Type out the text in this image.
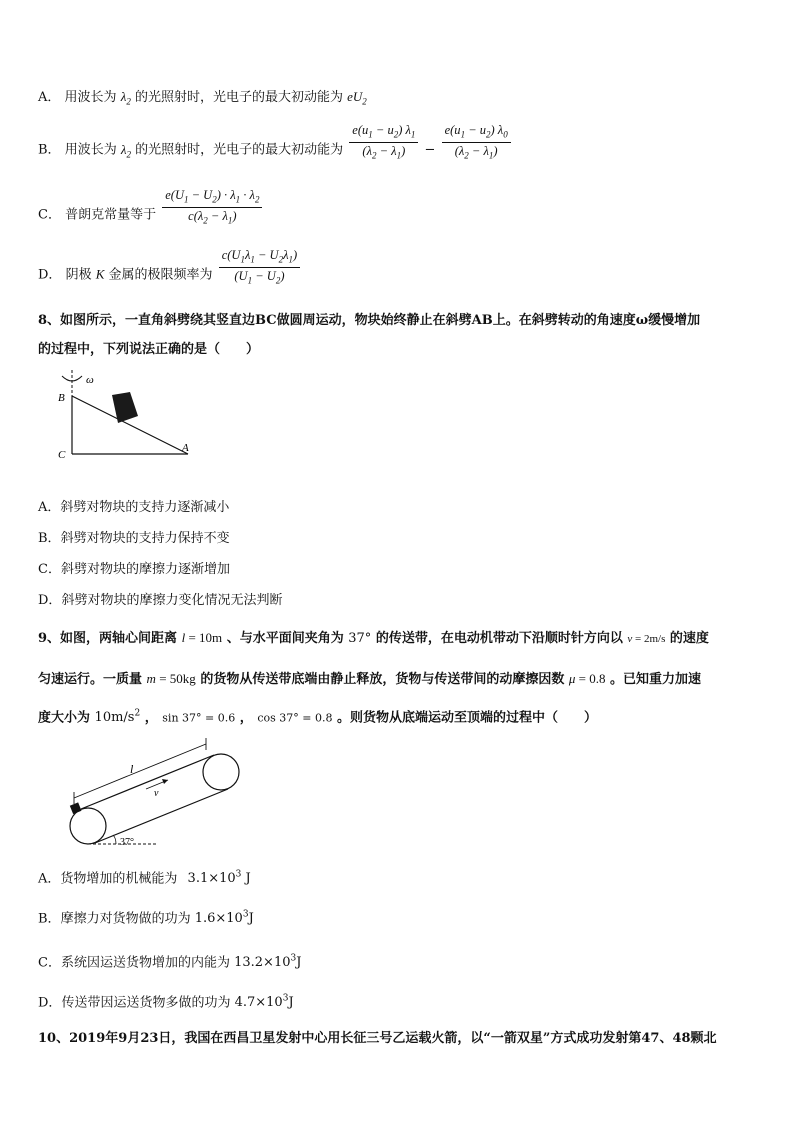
A． 用波长为 $\lambda_2$ 的光照射时，光电子的最大初动能为 $eU_2$
B． 用波长为 $\lambda_2$ 的光照射时，光电子的最大初动能为 $\frac{e(u_1 - u_2) \lambda_1}{(\lambda_2 - \lambda_1)} - \frac{e(u_1 - u_2) \lambda_0}{(\lambda_2 - \lambda_1)}$
C． 普朗克常量等于 $\frac{e(U_1 - U_2) \cdot \lambda_1 \cdot \lambda_2}{c(\lambda_2 - \lambda_1)}$
D． 阴极 K 金属的极限频率为 $\frac{c(U_1\lambda_1 - U_2\lambda_1)}{(U_1 - U_2)}$
8、如图所示，一直角斜劈绕其竖直边BC做圆周运动，物块始终静止在斜劈AB上。在斜劈转动的角速度ω缓慢增加
的过程中，下列说法正确的是（　　）
B
C
A
ω
A．斜劈对物块的支持力逐渐减小
B．斜劈对物块的支持力保持不变
C．斜劈对物块的摩擦力逐渐增加
D．斜劈对物块的摩擦力变化情况无法判断
9、如图，两轴心间距离 l = 10m 、与水平面间夹角为 37° 的传送带，在电动机带动下沿顺时针方向以 v = 2m/s 的速度
匀速运行。一质量 m = 50kg 的货物从传送带底端由静止释放，货物与传送带间的动摩擦因数 μ = 0.8 。已知重力加速
度大小为 $10m/s^2$ ， sin 37° = 0.6 ， cos 37° = 0.8 。则货物从底端运动至顶端的过程中（　　）
l
v
37°
A．货物增加的机械能为 $3.1\times 10^3$ J
B．摩擦力对货物做的功为 $1.6\times 10^3J$
C．系统因运送货物增加的内能为 $13.2\times 10^3J$
D．传送带因运送货物多做的功为 $4.7\times 10^3J$
10、2019年9月23日，我国在西昌卫星发射中心用长征三号乙运载火箭，以“一箭双星”方式成功发射第47、48颗北
